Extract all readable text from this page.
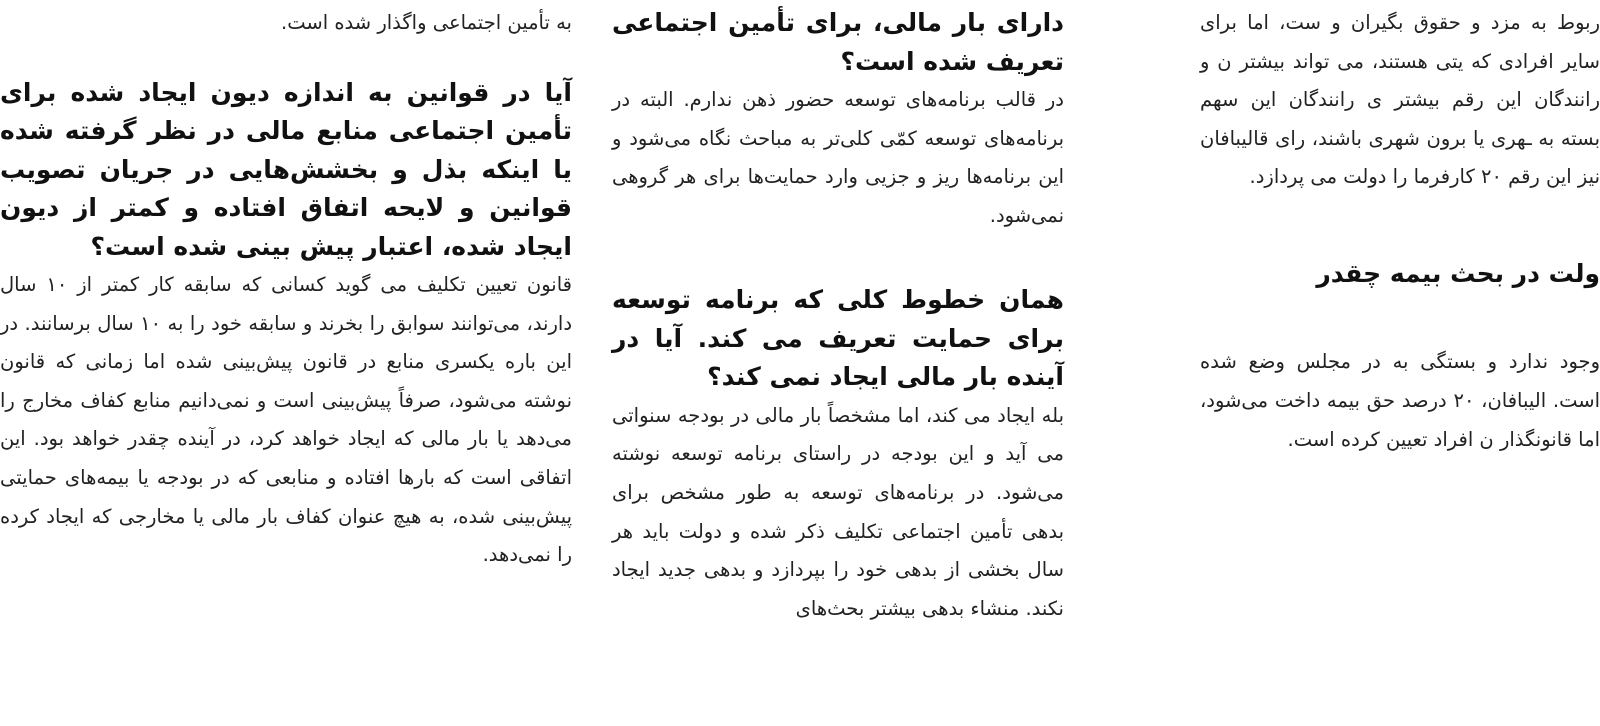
به تأمین اجتماعی واگذار شده است.

آیا در قوانین به اندازه دیون ایجاد شده برای تأمین اجتماعی منابع مالی در نظر گرفته شده یا اینکه بذل و بخشش‌هایی در جریان تصویب قوانین و لایحه اتفاق افتاده و کمتر از دیون ایجاد شده، اعتبار پیش بینی شده است؟

قانون تعیین تکلیف می گوید کسانی که سابقه کار کمتر از ۱۰ سال دارند، می‌توانند سوابق را بخرند و سابقه خود را به ۱۰ سال برسانند. در این باره یکسری منابع در قانون پیش‌بینی شده اما زمانی که قانون نوشته می‌شود، صرفاً پیش‌بینی است و نمی‌دانیم منابع کفاف مخارج را می‌دهد یا بار مالی که ایجاد خواهد کرد، در آینده چقدر خواهد بود. این اتفاقی است که بارها افتاده و منابعی که در بودجه یا بیمه‌های حمایتی پیش‌بینی شده، به هیچ عنوان کفاف بار مالی یا مخارجی که ایجاد کرده را نمی‌دهد.

دارای بار مالی، برای تأمین اجتماعی تعریف شده است؟

در قالب برنامه‌های توسعه حضور ذهن ندارم. البته در برنامه‌های توسعه کمّی کلی‌تر به مباحث نگاه می‌شود و این برنامه‌ها ریز و جزیی وارد حمایت‌ها برای هر گروهی نمی‌شود.

همان خطوط کلی که برنامه توسعه برای حمایت تعریف می کند. آیا در آینده بار مالی ایجاد نمی کند؟

بله ایجاد می کند، اما مشخصاً بار مالی در بودجه سنواتی می آید و این بودجه در راستای برنامه توسعه نوشته می‌شود. در برنامه‌های توسعه به طور مشخص برای بدهی تأمین اجتماعی تکلیف ذکر شده و دولت باید هر سال بخشی از بدهی خود را بپردازد و بدهی جدید ایجاد نکند. منشاء بدهی بیشتر بحث‌های

ربوط به مزد و حقوق بگیران و ست، اما برای سایر افرادی که یتی هستند، می تواند بیشتر ن و رانندگان این رقم بیشتر ی رانندگان این سهم بسته به ـهری یا برون شهری باشند، رای قالیبافان نیز این رقم ۲۰ کارفرما را دولت می پردازد.

ولت در بحث بیمه چقدر

وجود ندارد و بستگی به در مجلس وضع شده است. الیبافان، ۲۰ درصد حق بیمه داخت می‌شود، اما قانونگذار ن افراد تعیین کرده است.
